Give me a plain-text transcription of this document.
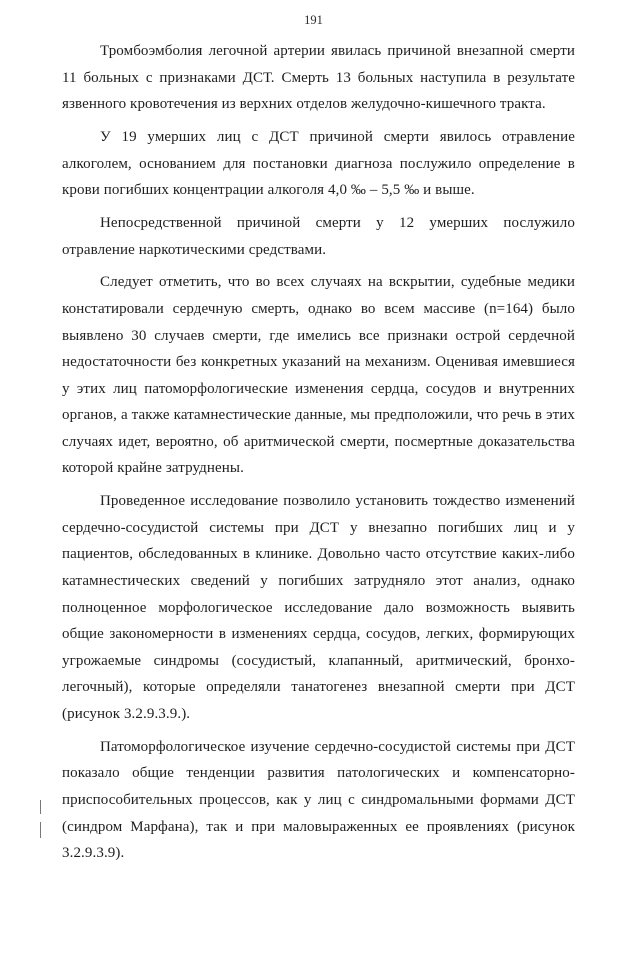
191

Тромбоэмболия легочной артерии явилась причиной внезапной смерти 11 больных с признаками ДСТ. Смерть 13 больных наступила в результате язвенного кровотечения из верхних отделов желудочно-кишечного тракта.

У 19 умерших лиц с ДСТ причиной смерти явилось отравление алкоголем, основанием для постановки диагноза послужило определение в крови погибших концентрации алкоголя 4,0 ‰ – 5,5 ‰ и выше.

Непосредственной причиной смерти у 12 умерших послужило отравление наркотическими средствами.

Следует отметить, что во всех случаях на вскрытии, судебные медики констатировали сердечную смерть, однако во всем массиве (n=164) было выявлено 30 случаев смерти, где имелись все признаки острой сердечной недостаточности без конкретных указаний на механизм. Оценивая имевшиеся у этих лиц патоморфологические изменения сердца, сосудов и внутренних органов, а также катамнестические данные, мы предположили, что речь в этих случаях идет, вероятно, об аритмической смерти, посмертные доказательства которой крайне затруднены.

Проведенное исследование позволило установить тождество изменений сердечно-сосудистой системы при ДСТ у внезапно погибших лиц и у пациентов, обследованных в клинике. Довольно часто отсутствие каких-либо катамнестических сведений у погибших затрудняло этот анализ, однако полноценное морфологическое исследование дало возможность выявить общие закономерности в изменениях сердца, сосудов, легких, формирующих угрожаемые синдромы (сосудистый, клапанный, аритмический, бронхо-легочный), которые определяли танатогенез внезапной смерти при ДСТ (рисунок 3.2.9.3.9.).

Патоморфологическое изучение сердечно-сосудистой системы при ДСТ показало общие тенденции развития патологических и компенсаторно-приспособительных процессов, как у лиц с синдромальными формами ДСТ (синдром Марфана), так и при маловыраженных ее проявлениях (рисунок 3.2.9.3.9).
